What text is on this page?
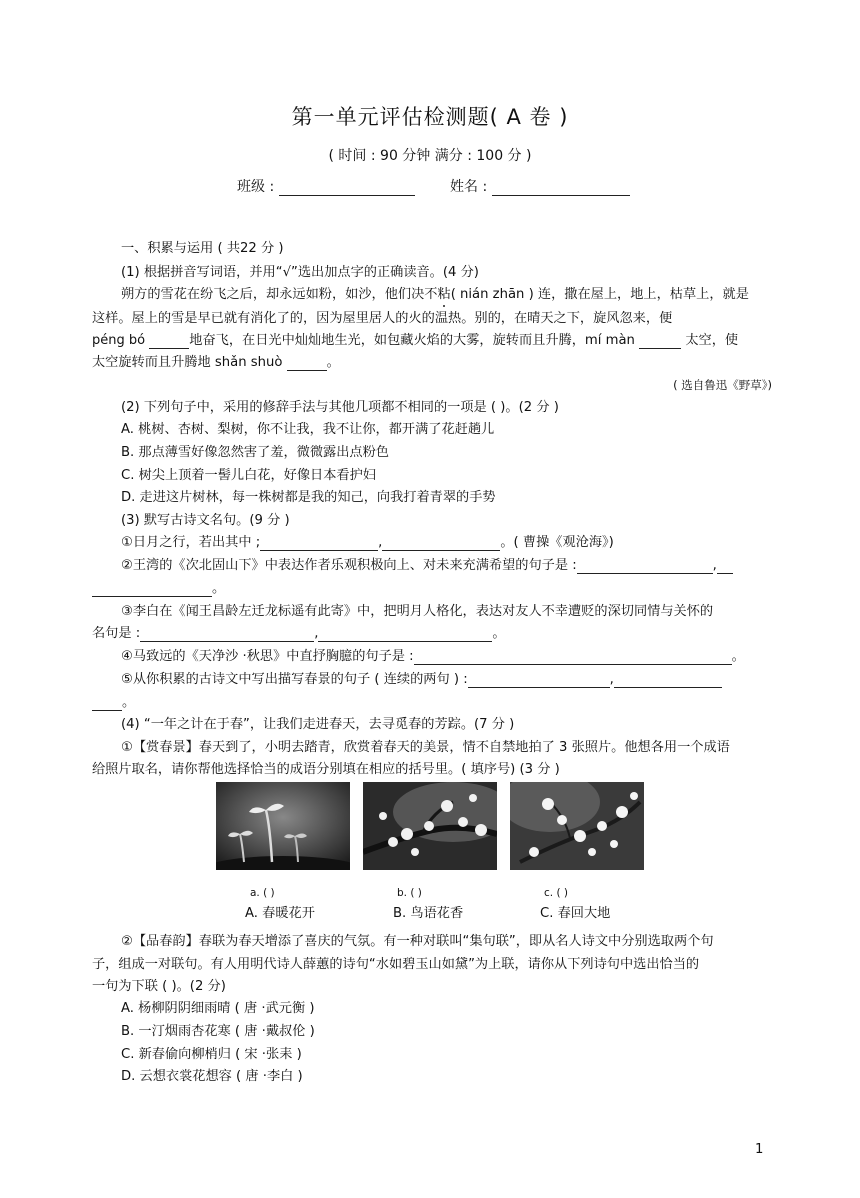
第一单元评估检测题( A 卷 )
( 时间 : 90 分钟 满分 : 100 分 )
班级 :	姓名 :
一、积累与运用 ( 共22 分 )
(1) 根据拼音写词语，并用“√”选出加点字的正确读音。(4 分)
朔方的雪花在纷飞之后，却永远如粉，如沙，他们决不粘( nián zhān ) 连，撒在屋上，地上，枯草上，就是
这样。屋上的雪是早已就有消化了的，因为屋里居人的火的温热。别的，在晴天之下，旋风忽来，便
péng bó	地奋飞，在日光中灿灿地生光，如包藏火焰的大雾，旋转而且升腾，mí màn	太空，使
太空旋转而且升腾地 shǎn shuò	。
( 选自鲁迅《野草》)
(2) 下列句子中，采用的修辞手法与其他几项都不相同的一项是 ( )。(2 分 )
A. 桃树、杏树、梨树，你不让我，我不让你，都开满了花赶趟儿
B. 那点薄雪好像忽然害了羞，微微露出点粉色
C. 树尖上顶着一髻儿白花，好像日本看护妇
D. 走进这片树林，每一株树都是我的知己，向我打着青翠的手势
(3) 默写古诗文名句。(9 分 )
①日月之行，若出其中 ;	,	。( 曹操《观沧海》)
②王湾的《次北固山下》中表达作者乐观积极向上、对未来充满希望的句子是 :	,
。
③李白在《闻王昌龄左迁龙标遥有此寄》中，把明月人格化，表达对友人不幸遭贬的深切同情与关怀的
名句是 :	,	。
④马致远的《天净沙 ·秋思》中直抒胸臆的句子是 :	。
⑤从你积累的古诗文中写出描写春景的句子 ( 连续的两句 ) :	,
。
(4) “一年之计在于春”，让我们走进春天，去寻觅春的芳踪。(7 分 )
①【赏春景】春天到了，小明去踏青，欣赏着春天的美景，情不自禁地拍了 3 张照片。他想各用一个成语
给照片取名，请你帮他选择恰当的成语分别填在相应的括号里。( 填序号) (3 分 )
a. ( )	b. ( )	c. ( )
A. 春暖花开	B. 鸟语花香	C. 春回大地
②【品春韵】春联为春天增添了喜庆的气氛。有一种对联叫“集句联”，即从名人诗文中分别选取两个句
子，组成一对联句。有人用明代诗人薛蕙的诗句“水如碧玉山如黛”为上联，请你从下列诗句中选出恰当的
一句为下联 ( )。(2 分)
A. 杨柳阴阴细雨晴 ( 唐 ·武元衡 )
B. 一汀烟雨杏花寒 ( 唐 ·戴叔伦 )
C. 新春偷向柳梢归 ( 宋 ·张耒 )
D. 云想衣裳花想容 ( 唐 ·李白 )
1
